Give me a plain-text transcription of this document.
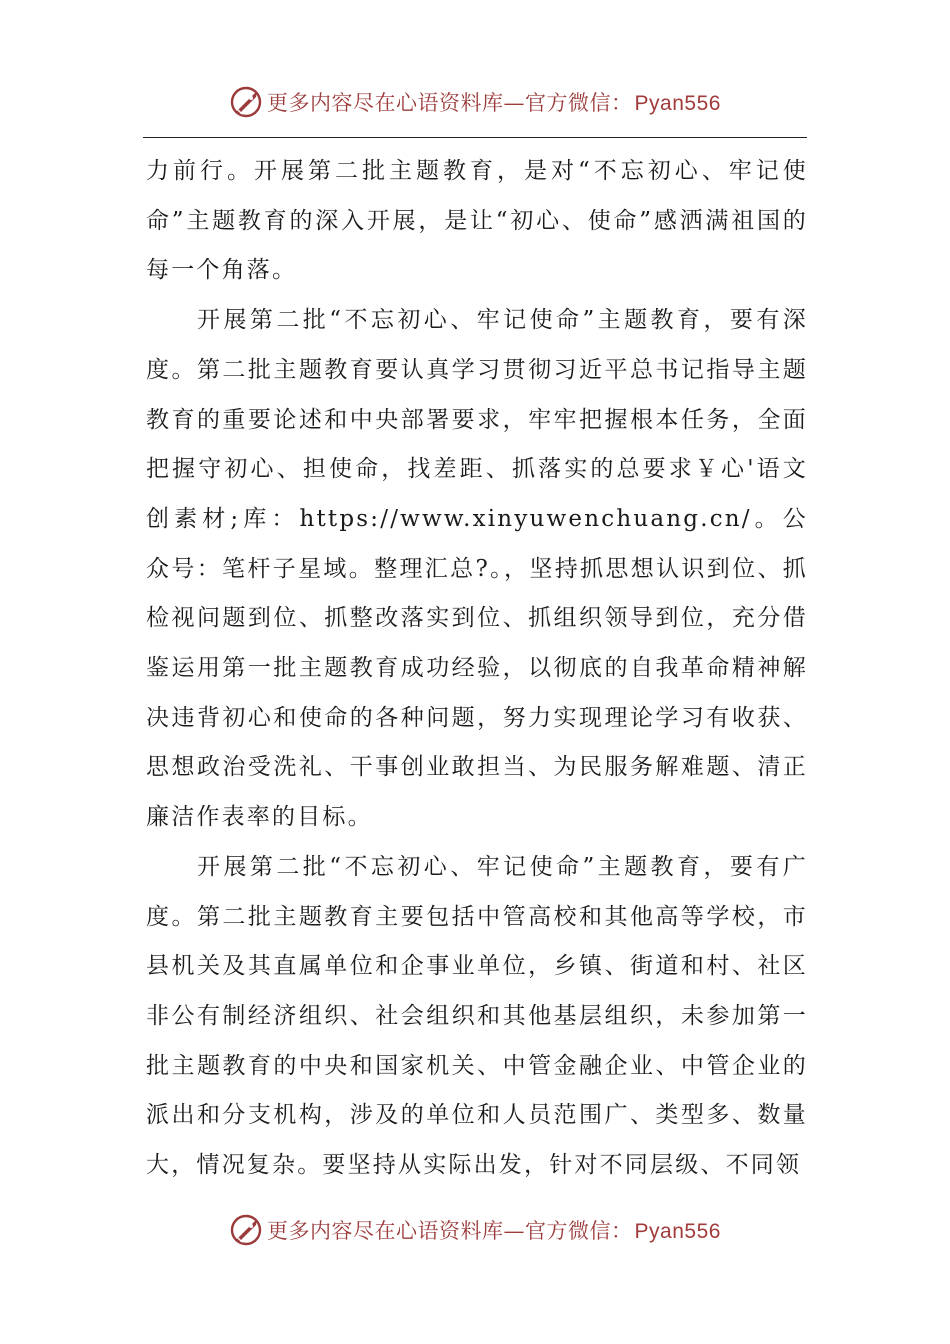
更多内容尽在心语资料库—官方微信：Pyan556

力前行。开展第二批主题教育，是对“不忘初心、牢记使命”主题教育的深入开展，是让“初心、使命”感洒满祖国的每一个角落。

开展第二批“不忘初心、牢记使命”主题教育，要有深度。第二批主题教育要认真学习贯彻习近平总书记指导主题教育的重要论述和中央部署要求，牢牢把握根本任务，全面把握守初心、担使命，找差距、抓落实的总要求￥心'语文创素材;库：https://www.xinyuwenchuang.cn/。公众号：笔杆子星域。整理汇总?。，坚持抓思想认识到位、抓检视问题到位、抓整改落实到位、抓组织领导到位，充分借鉴运用第一批主题教育成功经验，以彻底的自我革命精神解决违背初心和使命的各种问题，努力实现理论学习有收获、思想政治受洗礼、干事创业敢担当、为民服务解难题、清正廉洁作表率的目标。

开展第二批“不忘初心、牢记使命”主题教育，要有广度。第二批主题教育主要包括中管高校和其他高等学校，市县机关及其直属单位和企事业单位，乡镇、街道和村、社区非公有制经济组织、社会组织和其他基层组织，未参加第一批主题教育的中央和国家机关、中管金融企业、中管企业的派出和分支机构，涉及的单位和人员范围广、类型多、数量大，情况复杂。要坚持从实际出发，针对不同层级、不同领

更多内容尽在心语资料库—官方微信：Pyan556
